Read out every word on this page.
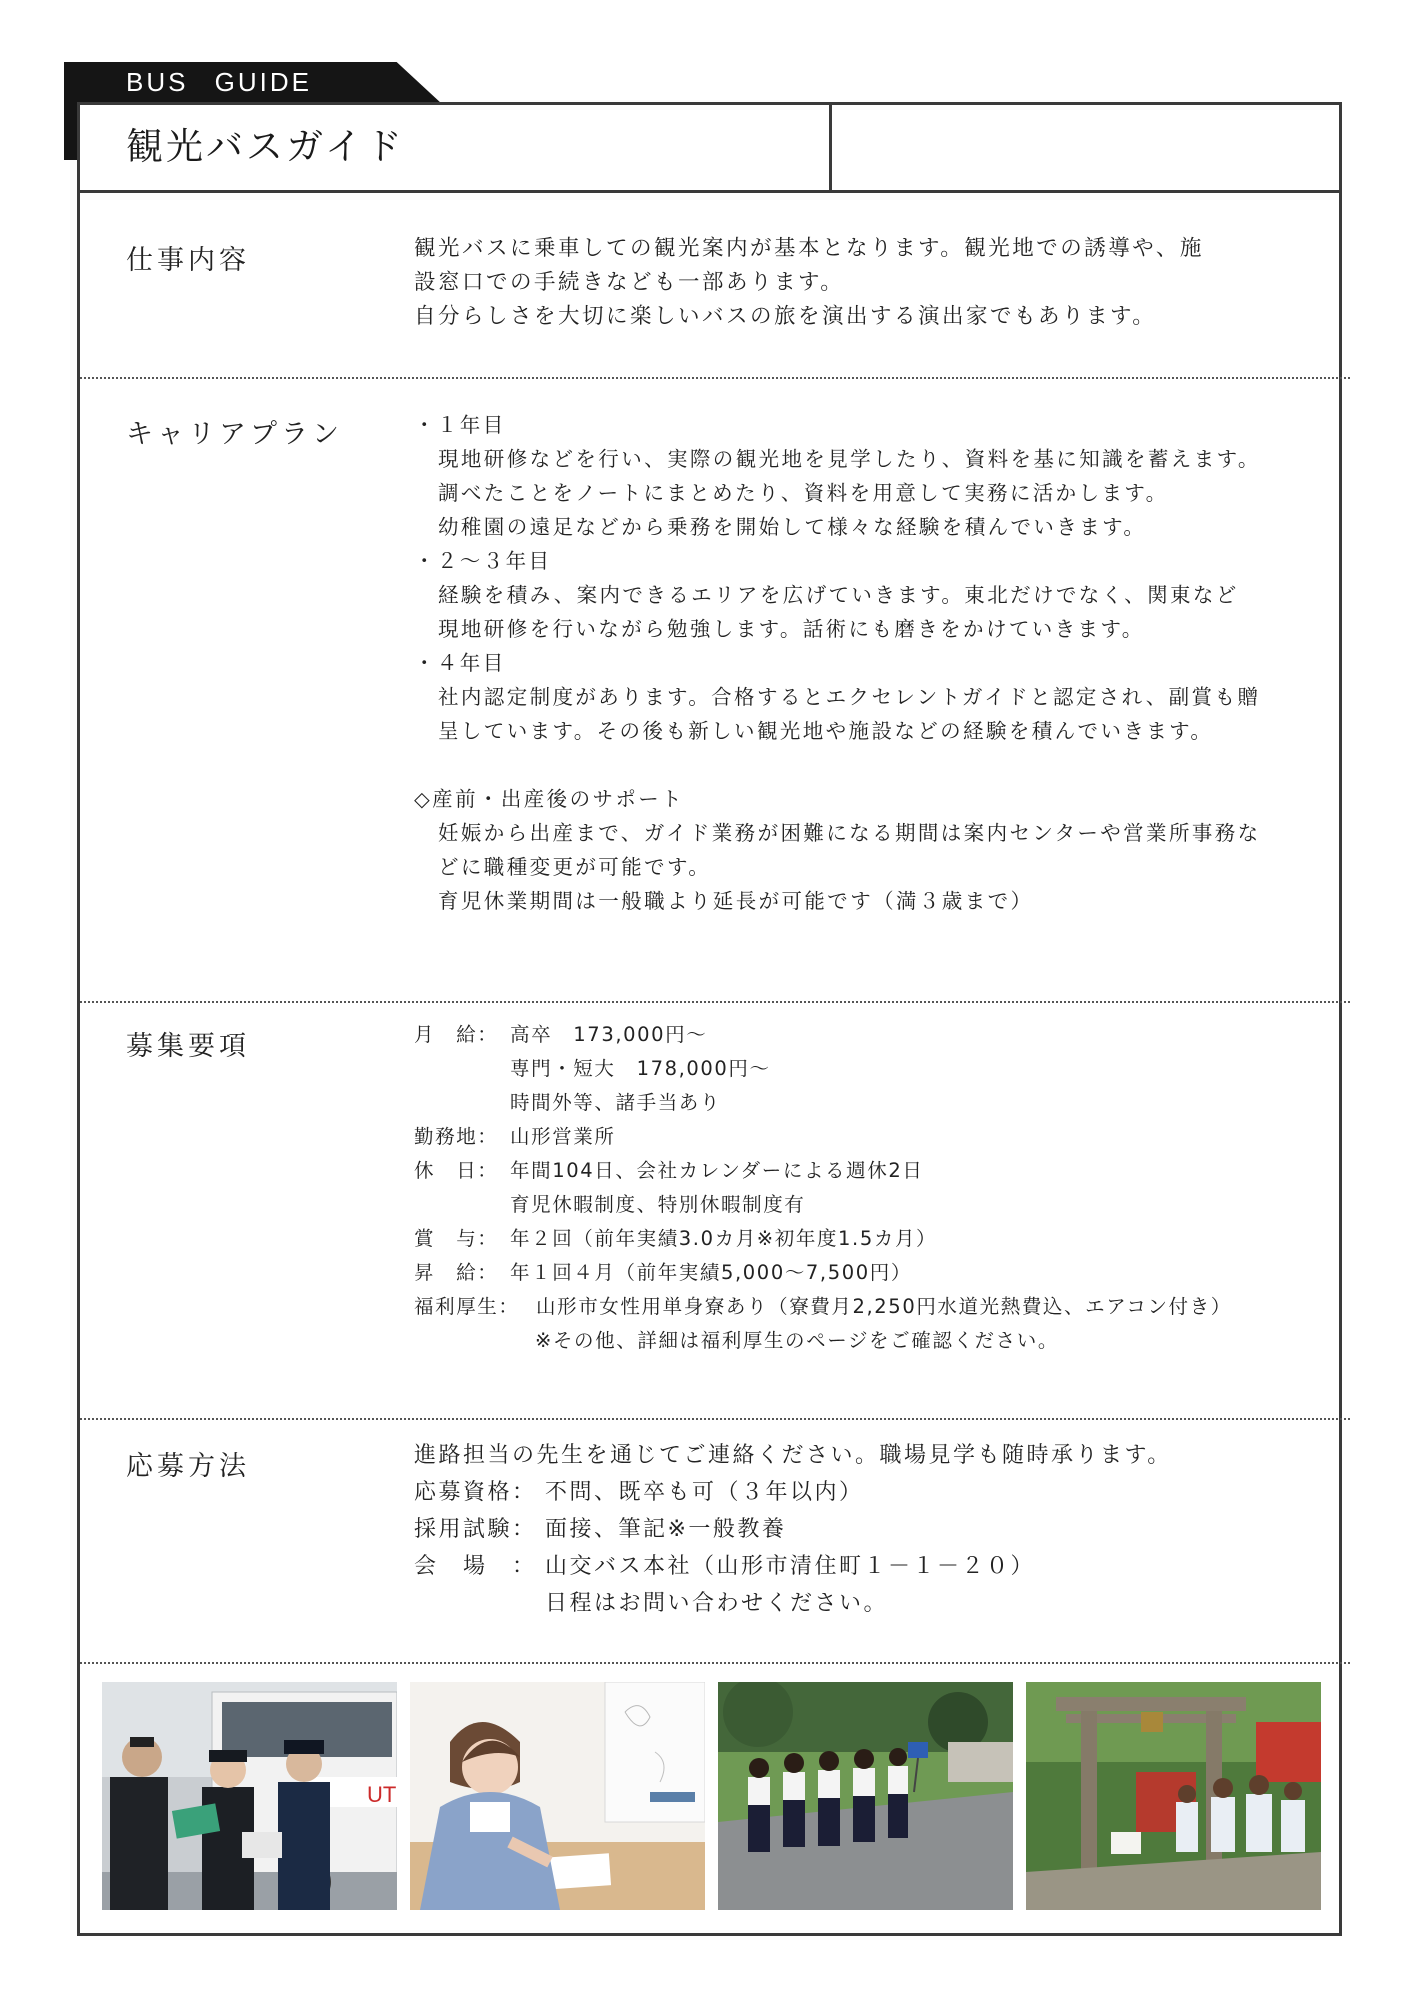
BUS GUIDE
観光バスガイド
仕事内容	観光バスに乗車しての観光案内が基本となります。観光地での誘導や、施
設窓口での手続きなども一部あります。
自分らしさを大切に楽しいバスの旅を演出する演出家でもあります。
キャリアプラン	・１年目
現地研修などを行い、実際の観光地を見学したり、資料を基に知識を蓄えます。
調べたことをノートにまとめたり、資料を用意して実務に活かします。
幼稚園の遠足などから乗務を開始して様々な経験を積んでいきます。
・２～３年目
経験を積み、案内できるエリアを広げていきます。東北だけでなく、関東など
現地研修を行いながら勉強します。話術にも磨きをかけていきます。
・４年目
社内認定制度があります。合格するとエクセレントガイドと認定され、副賞も贈
呈しています。その後も新しい観光地や施設などの経験を積んでいきます。
◇産前・出産後のサポート
妊娠から出産まで、ガイド業務が困難になる期間は案内センターや営業所事務な
どに職種変更が可能です。
育児休業期間は一般職より延長が可能です（満３歳まで）
募集要項	月　給： 高卒　173,000円～
専門・短大　178,000円～
時間外等、諸手当あり
勤務地： 山形営業所
休　日： 年間104日、会社カレンダーによる週休2日
育児休暇制度、特別休暇制度有
賞　与： 年２回（前年実績3.0カ月※初年度1.5カ月）
昇　給： 年１回４月（前年実績5,000～7,500円）
福利厚生： 山形市女性用単身寮あり（寮費月2,250円水道光熱費込、エアコン付き）
※その他、詳細は福利厚生のページをご確認ください。
応募方法	進路担当の先生を通じてご連絡ください。職場見学も随時承ります。
応募資格： 不問、既卒も可（３年以内）
採用試験： 面接、筆記※一般教養
会　場　： 山交バス本社（山形市清住町１－１－２０）
日程はお問い合わせください。
UT
